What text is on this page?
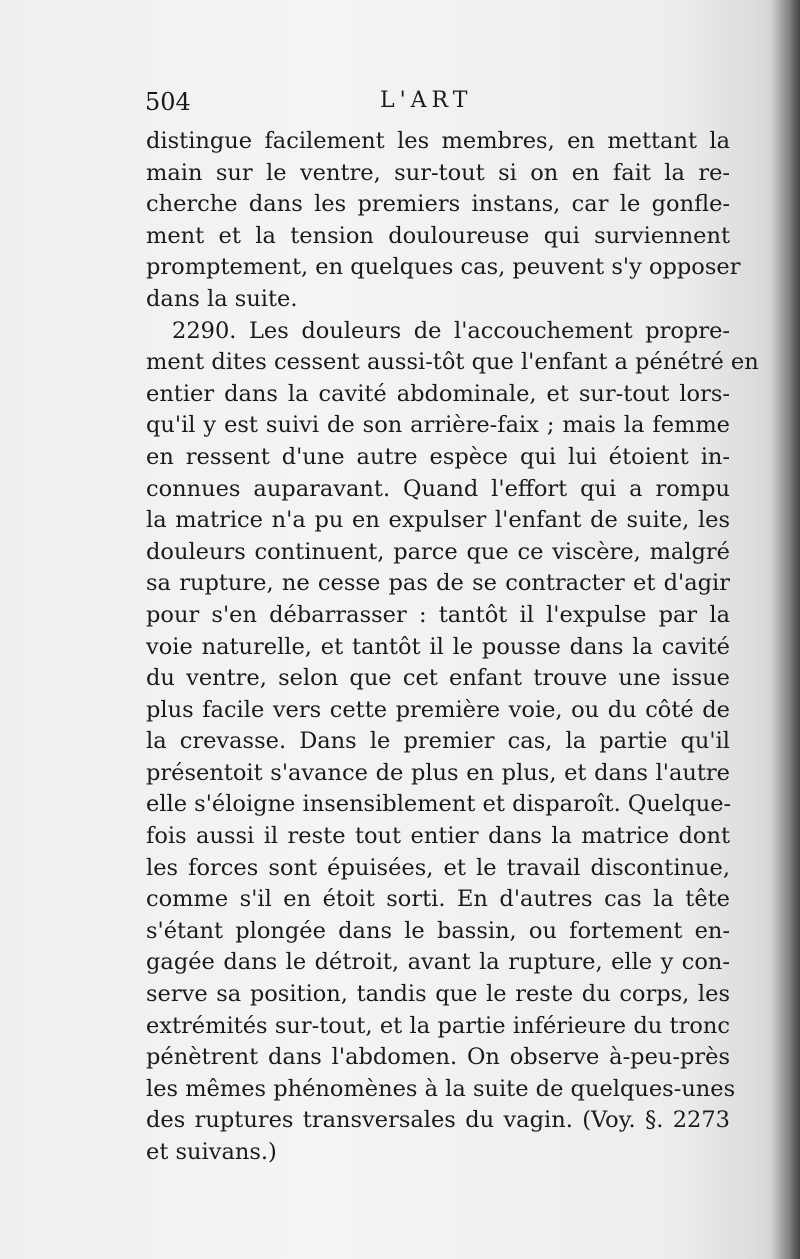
504	L'ART
distingue facilement les membres, en mettant la
main sur le ventre, sur-tout si on en fait la re-
cherche dans les premiers instans, car le gonfle-
ment et la tension douloureuse qui surviennent
promptement, en quelques cas, peuvent s'y opposer
dans la suite.
2290. Les douleurs de l'accouchement propre-
ment dites cessent aussi-tôt que l'enfant a pénétré en
entier dans la cavité abdominale, et sur-tout lors-
qu'il y est suivi de son arrière-faix ; mais la femme
en ressent d'une autre espèce qui lui étoient in-
connues auparavant. Quand l'effort qui a rompu
la matrice n'a pu en expulser l'enfant de suite, les
douleurs continuent, parce que ce viscère, malgré
sa rupture, ne cesse pas de se contracter et d'agir
pour s'en débarrasser : tantôt il l'expulse par la
voie naturelle, et tantôt il le pousse dans la cavité
du ventre, selon que cet enfant trouve une issue
plus facile vers cette première voie, ou du côté de
la crevasse. Dans le premier cas, la partie qu'il
présentoit s'avance de plus en plus, et dans l'autre
elle s'éloigne insensiblement et disparoît. Quelque-
fois aussi il reste tout entier dans la matrice dont
les forces sont épuisées, et le travail discontinue,
comme s'il en étoit sorti. En d'autres cas la tête
s'étant plongée dans le bassin, ou fortement en-
gagée dans le détroit, avant la rupture, elle y con-
serve sa position, tandis que le reste du corps, les
extrémités sur-tout, et la partie inférieure du tronc
pénètrent dans l'abdomen. On observe à-peu-près
les mêmes phénomènes à la suite de quelques-unes
des ruptures transversales du vagin. (Voy. §. 2273
et suivans.)
